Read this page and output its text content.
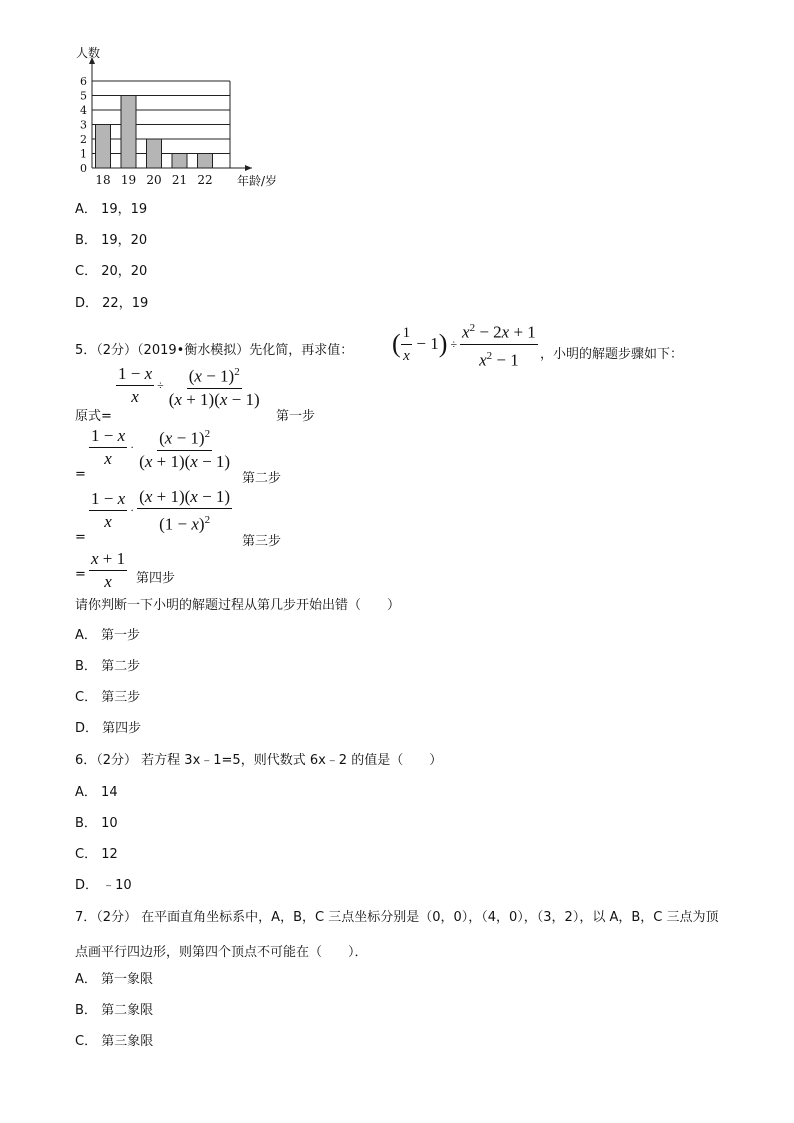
18 19 20 21 22
0
1
2
3
4
5
6
人数
年龄/岁
A． 19，19
B． 19，20
C． 20，20
D． 22，19
5．（2分）（2019•衡水模拟）先化简，再求值： ( $\frac{1}{x} - 1) \div \frac{x^2 - 2x + 1}{x^2 - 1}$ ，小明的解题步骤如下：
原式=
$\frac{1 - x}{x} \div \frac{(x - 1)^2}{(x + 1)(x - 1)}$
第一步
=
$\frac{1 - x}{x} \cdot \frac{(x - 1)^2}{(x + 1)(x - 1)}$
第二步
=
$\frac{1 - x}{x} \cdot \frac{(x + 1)(x - 1)}{(1 - x)^2}$
第三步
= $\frac{x + 1}{x}$ 第四步
请你判断一下小明的解题过程从第几步开始出错（　　）
A． 第一步
B． 第二步
C． 第三步
D． 第四步
6．（2分） 若方程 3x﹣1=5，则代数式 6x﹣2 的值是（　　）
A． 14
B． 10
C． 12
D． ﹣10
7．（2分） 在平面直角坐标系中，A，B，C 三点坐标分别是（0，0），（4，0），（3，2），以 A，B，C 三点为顶
点画平行四边形，则第四个顶点不可能在（　　）．
A． 第一象限
B． 第二象限
C． 第三象限
